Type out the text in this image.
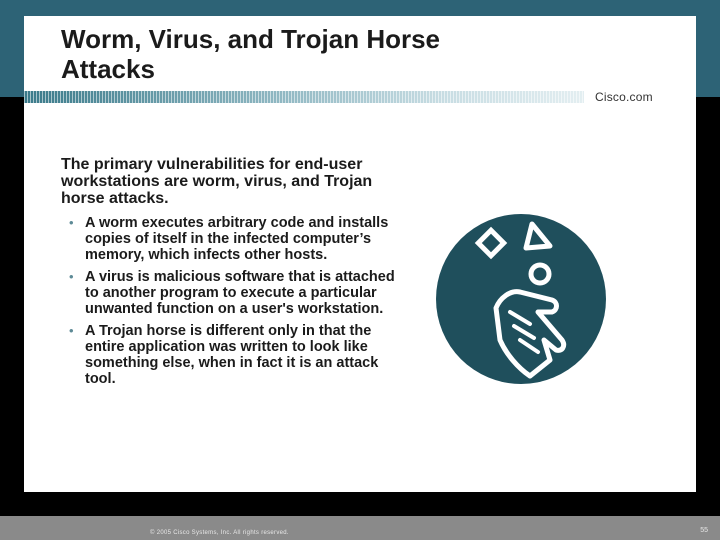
Worm, Virus, and Trojan Horse
Attacks
Cisco.com

The primary vulnerabilities for end-user workstations are worm, virus, and Trojan horse attacks.

• A worm executes arbitrary code and installs copies of itself in the infected computer’s memory, which infects other hosts.
• A virus is malicious software that is attached to another program to execute a particular unwanted function on a user's workstation.
• A Trojan horse is different only in that the entire application was written to look like something else, when in fact it is an attack tool.
© 2005 Cisco Systems, Inc. All rights reserved.	55
